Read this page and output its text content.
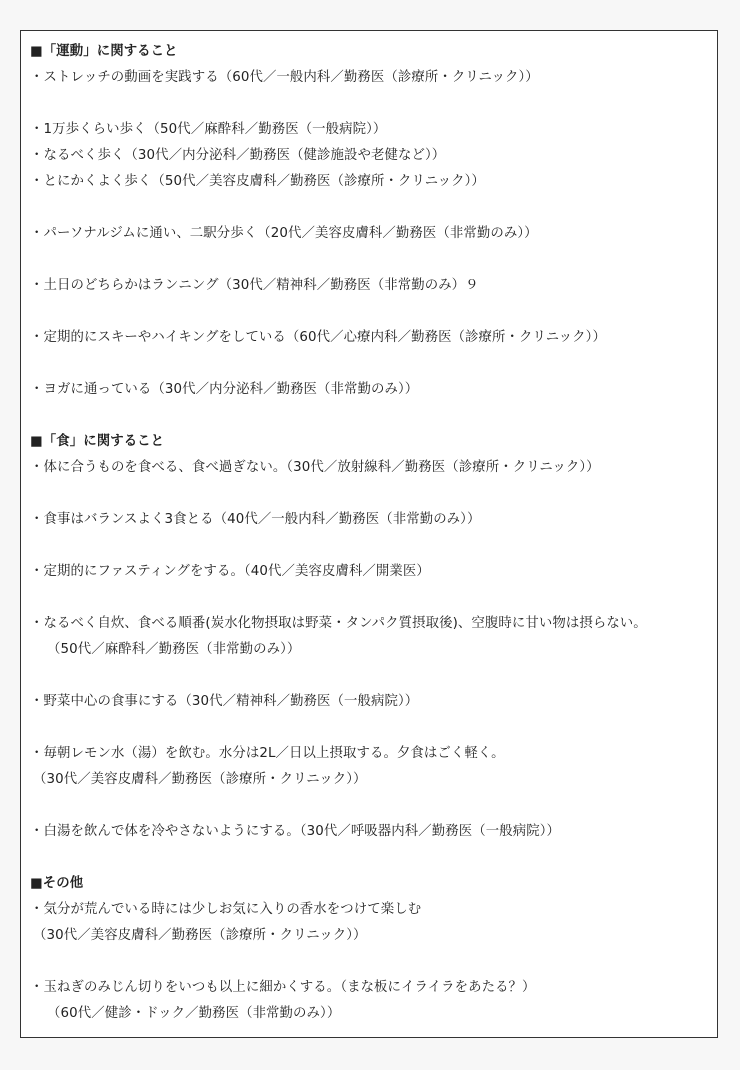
■「運動」に関すること
・ストレッチの動画を実践する（60代／一般内科／勤務医（診療所・クリニック））
・1万歩くらい歩く（50代／麻酔科／勤務医（一般病院））
・なるべく歩く（30代／内分泌科／勤務医（健診施設や老健など））
・とにかくよく歩く（50代／美容皮膚科／勤務医（診療所・クリニック））
・パーソナルジムに通い、二駅分歩く（20代／美容皮膚科／勤務医（非常勤のみ））
・土日のどちらかはランニング（30代／精神科／勤務医（非常勤のみ）９
・定期的にスキーやハイキングをしている（60代／心療内科／勤務医（診療所・クリニック））
・ヨガに通っている（30代／内分泌科／勤務医（非常勤のみ））
■「食」に関すること
・体に合うものを食べる、食べ過ぎない。（30代／放射線科／勤務医（診療所・クリニック））
・食事はバランスよく3食とる（40代／一般内科／勤務医（非常勤のみ））
・定期的にファスティングをする。（40代／美容皮膚科／開業医）
・なるべく自炊、食べる順番(炭水化物摂取は野菜・タンパク質摂取後)、空腹時に甘い物は摂らない。
（50代／麻酔科／勤務医（非常勤のみ））
・野菜中心の食事にする（30代／精神科／勤務医（一般病院））
・毎朝レモン水（湯）を飲む。水分は2L／日以上摂取する。夕食はごく軽く。
（30代／美容皮膚科／勤務医（診療所・クリニック））
・白湯を飲んで体を冷やさないようにする。（30代／呼吸器内科／勤務医（一般病院））
■その他
・気分が荒んでいる時には少しお気に入りの香水をつけて楽しむ
（30代／美容皮膚科／勤務医（診療所・クリニック））
・玉ねぎのみじん切りをいつも以上に細かくする。（まな板にイライラをあたる？）
（60代／健診・ドック／勤務医（非常勤のみ））
